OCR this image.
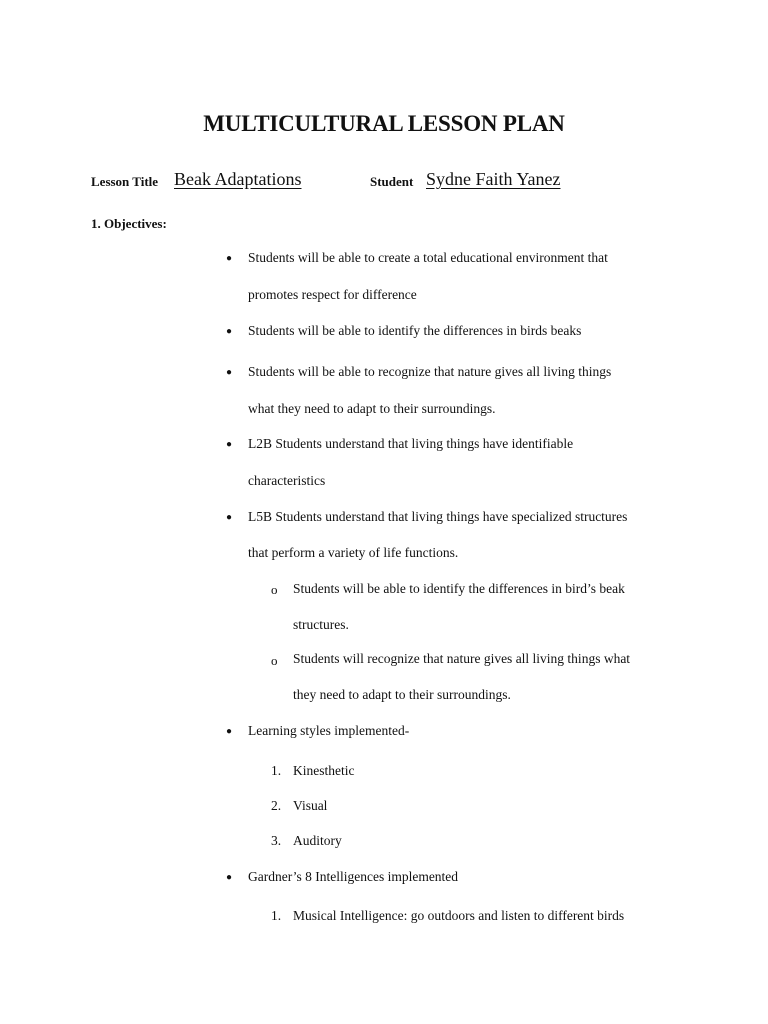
MULTICULTURAL LESSON PLAN
Lesson Title Beak Adaptations	Student Sydne Faith Yanez
1. Objectives:
● Students will be able to create a total educational environment that
promotes respect for difference
● Students will be able to identify the differences in birds beaks
● Students will be able to recognize that nature gives all living things
what they need to adapt to their surroundings.
● L2B Students understand that living things have identifiable
characteristics
● L5B Students understand that living things have specialized structures
that perform a variety of life functions.
o Students will be able to identify the differences in bird’s beak
structures.
o Students will recognize that nature gives all living things what
they need to adapt to their surroundings.
● Learning styles implemented-
1. Kinesthetic
2. Visual
3. Auditory
● Gardner’s 8 Intelligences implemented
1. Musical Intelligence: go outdoors and listen to different birds
